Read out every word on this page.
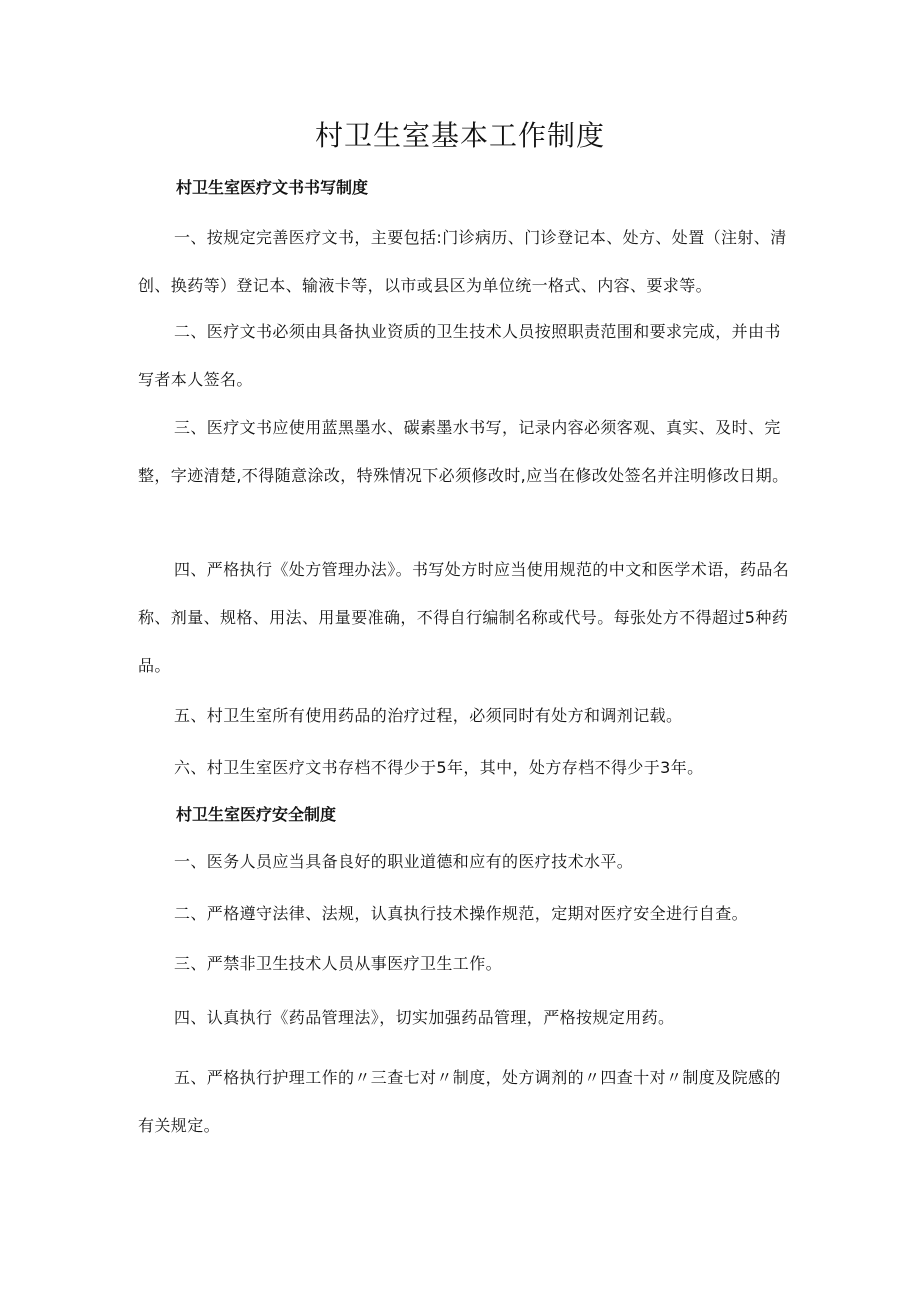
村卫生室基本工作制度
村卫生室医疗文书书写制度

一、按规定完善医疗文书，主要包括:门诊病历、门诊登记本、处方、处置（注射、清创、换药等）登记本、输液卡等，以市或县区为单位统一格式、内容、要求等。

二、医疗文书必须由具备执业资质的卫生技术人员按照职责范围和要求完成，并由书写者本人签名。

三、医疗文书应使用蓝黑墨水、碳素墨水书写，记录内容必须客观、真实、及时、完整，字迹清楚,不得随意涂改，特殊情况下必须修改时,应当在修改处签名并注明修改日期。

四、严格执行《处方管理办法》。书写处方时应当使用规范的中文和医学术语，药品名称、剂量、规格、用法、用量要准确，不得自行编制名称或代号。每张处方不得超过5种药品。

五、村卫生室所有使用药品的治疗过程，必须同时有处方和调剂记载。

六、村卫生室医疗文书存档不得少于5年，其中，处方存档不得少于3年。

村卫生室医疗安全制度

一、医务人员应当具备良好的职业道德和应有的医疗技术水平。

二、严格遵守法律、法规，认真执行技术操作规范，定期对医疗安全进行自查。

三、严禁非卫生技术人员从事医疗卫生工作。

四、认真执行《药品管理法》，切实加强药品管理，严格按规定用药。

五、严格执行护理工作的〃三查七对〃制度，处方调剂的〃四查十对〃制度及院感的有关规定。
